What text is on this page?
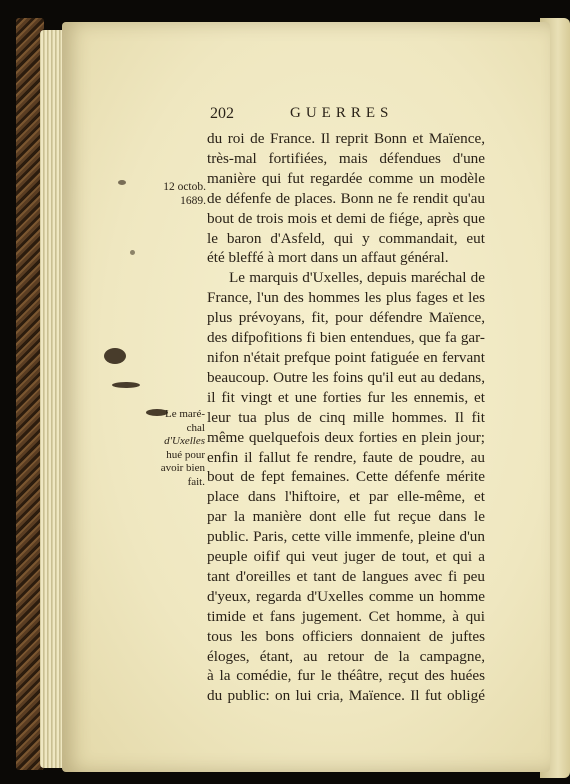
202	GUERRES
12 octob.
1689.
Le maré-
chal
d'Uxelles
hué pour
avoir bien
fait.
du roi de France. Il reprit Bonn et Maïence,
très-mal fortifiées, mais défendues d'une
manière qui fut regardée comme un modèle
de défenfe de places. Bonn ne fe rendit qu'au
bout de trois mois et demi de fiége, après que
le baron d'Asfeld, qui y commandait, eut
été bleffé à mort dans un affaut général.
Le marquis d'Uxelles, depuis maréchal de
France, l'un des hommes les plus fages et les
plus prévoyans, fit, pour défendre Maïence,
des difpofitions fi bien entendues, que fa gar-
nifon n'était prefque point fatiguée en fervant
beaucoup. Outre les foins qu'il eut au dedans,
il fit vingt et une forties fur les ennemis, et
leur tua plus de cinq mille hommes. Il fit
même quelquefois deux forties en plein jour;
enfin il fallut fe rendre, faute de poudre, au
bout de fept femaines. Cette défenfe mérite
place dans l'hiftoire, et par elle-même, et
par la manière dont elle fut reçue dans le
public. Paris, cette ville immenfe, pleine d'un
peuple oifif qui veut juger de tout, et qui a
tant d'oreilles et tant de langues avec fi peu
d'yeux, regarda d'Uxelles comme un homme
timide et fans jugement. Cet homme, à qui
tous les bons officiers donnaient de juftes
éloges, étant, au retour de la campagne,
à la comédie, fur le théâtre, reçut des huées
du public: on lui cria, Maïence. Il fut obligé
